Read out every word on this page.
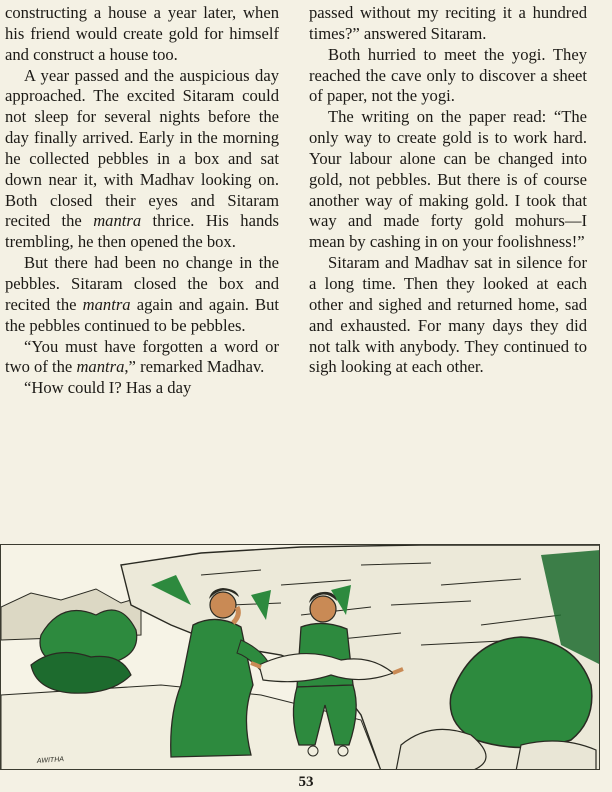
constructing a house a year later, when his friend would create gold for himself and construct a house too.

A year passed and the auspicious day approached. The excited Sitaram could not sleep for several nights before the day finally arrived. Early in the morning he collected pebbles in a box and sat down near it, with Madhav looking on. Both closed their eyes and Sitaram recited the mantra thrice. His hands trembling, he then opened the box.

But there had been no change in the pebbles. Sitaram closed the box and recited the mantra again and again. But the pebbles continued to be pebbles.

“You must have forgotten a word or two of the mantra,” remarked Madhav.

“How could I? Has a day

passed without my reciting it a hundred times?” answered Sitaram.

Both hurried to meet the yogi. They reached the cave only to discover a sheet of paper, not the yogi.

The writing on the paper read: “The only way to create gold is to work hard. Your labour alone can be changed into gold, not pebbles. But there is of course another way of making gold. I took that way and made forty gold mohurs—I mean by cashing in on your foolishness!”

Sitaram and Madhav sat in silence for a long time. Then they looked at each other and sighed and returned home, sad and exhausted. For many days they did not talk with anybody. They continued to sigh looking at each other.

AWITHA
53
